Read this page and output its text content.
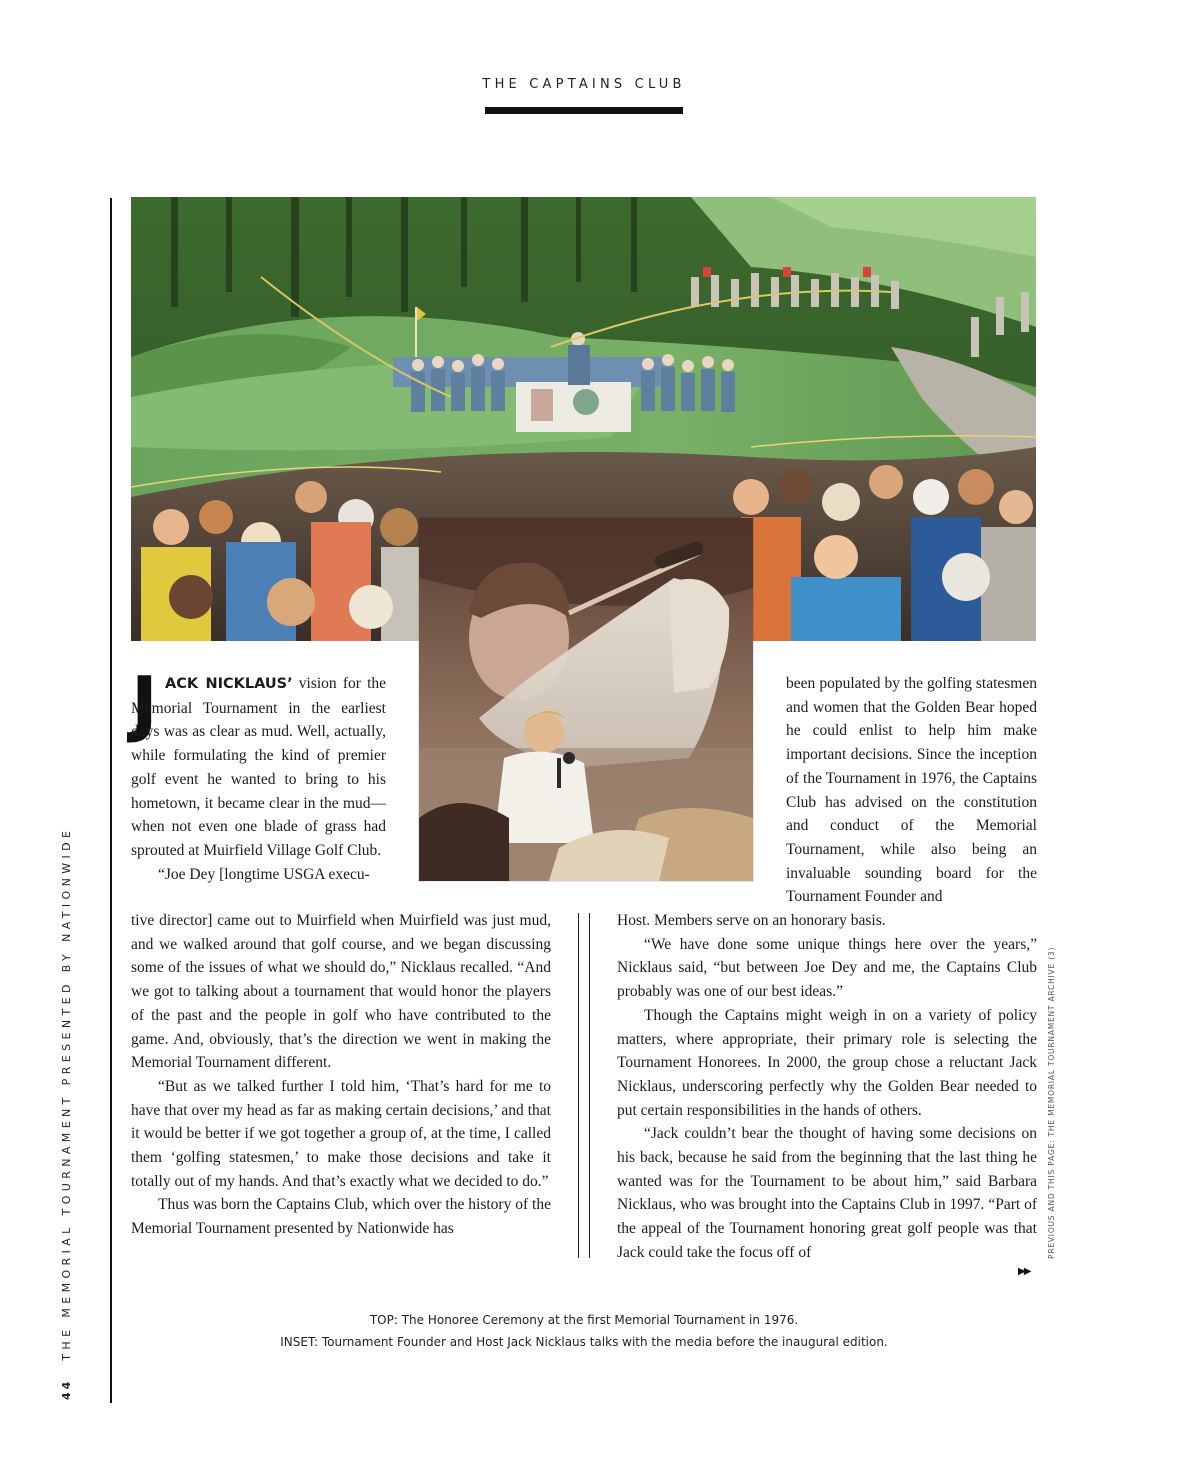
THE CAPTAINS CLUB
44THE MEMORIAL TOURNAMENT PRESENTED BY NATIONWIDE	PREVIOUS AND THIS PAGE: THE MEMORIAL TOURNAMENT ARCHIVE (3)
J ACK NICKLAUS’ vision for the Memorial Tournament in the earliest days was as clear as mud. Well, actually, while formulating the kind of premier golf event he wanted to bring to his hometown, it became clear in the mud—when not even one blade of grass had sprouted at Muirfield Village Golf Club.

“Joe Dey [longtime USGA execu-

tive director] came out to Muirfield when Muirfield was just mud, and we walked around that golf course, and we began discussing some of the issues of what we should do,” Nicklaus recalled. “And we got to talking about a tournament that would honor the players of the past and the people in golf who have contributed to the game. And, obviously, that’s the direction we went in making the Memorial Tournament different.

“But as we talked further I told him, ‘That’s hard for me to have that over my head as far as making certain decisions,’ and that it would be better if we got together a group of, at the time, I called them ‘golfing statesmen,’ to make those decisions and take it totally out of my hands. And that’s exactly what we decided to do.”

Thus was born the Captains Club, which over the history of the Memorial Tournament presented by Nationwide has

been populated by the golfing statesmen and women that the Golden Bear hoped he could enlist to help him make important decisions. Since the inception of the Tournament in 1976, the Captains Club has advised on the constitution and conduct of the Memorial Tournament, while also being an invaluable sounding board for the Tournament Founder and

Host. Members serve on an honorary basis.

“We have done some unique things here over the years,” Nicklaus said, “but between Joe Dey and me, the Captains Club probably was one of our best ideas.”

Though the Captains might weigh in on a variety of policy matters, where appropriate, their primary role is selecting the Tournament Honorees. In 2000, the group chose a reluctant Jack Nicklaus, underscoring perfectly why the Golden Bear needed to put certain responsibilities in the hands of others.

“Jack couldn’t bear the thought of having some decisions on his back, because he said from the beginning that the last thing he wanted was for the Tournament to be about him,” said Barbara Nicklaus, who was brought into the Captains Club in 1997. “Part of the appeal of the Tournament honoring great golf people was that Jack could take the focus off of

▶▶
TOP: The Honoree Ceremony at the first Memorial Tournament in 1976.
INSET: Tournament Founder and Host Jack Nicklaus talks with the media before the inaugural edition.
